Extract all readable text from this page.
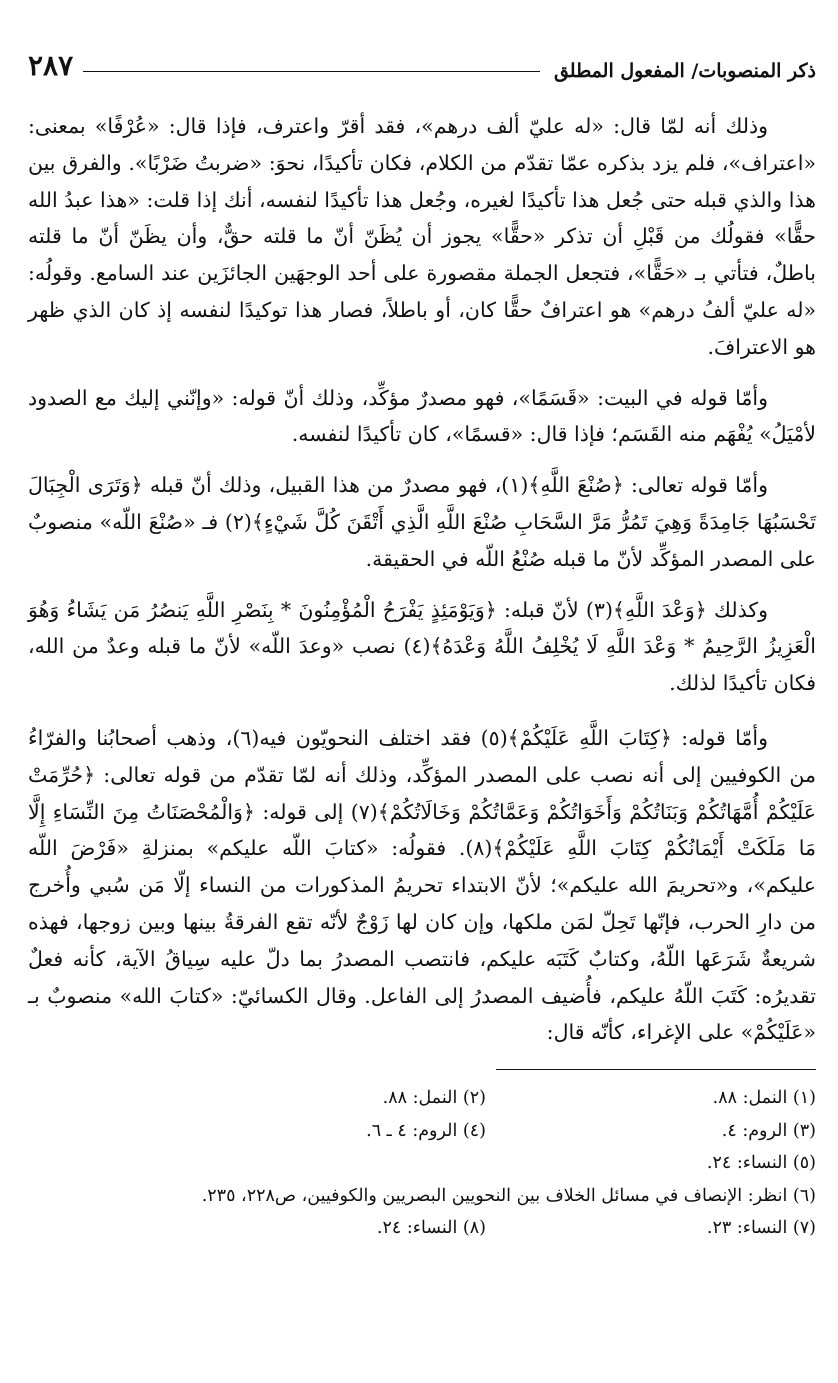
ذكر المنصوبات/ المفعول المطلق
٢٨٧

وذلك أنه لمّا قال: «له عليّ ألف درهم»، فقد أقرّ واعترف، فإذا قال: «عُرْفًا» بمعنى: «اعتراف»، فلم يزد بذكره عمّا تقدّم من الكلام، فكان تأكيدًا، نحوَ: «ضربتُ ضَرْبًا». والفرق بين هذا والذي قبله حتى جُعل هذا تأكيدًا لغيره، وجُعل هذا تأكيدًا لنفسه، أنك إذا قلت: «هذا عبدُ الله حقًّا» فقولُك من قَبْلِ أن تذكر «حقًّا» يجوز أن يُظَنّ أنّ ما قلته حقٌّ، وأن يظَنّ أنّ ما قلته باطلٌ، فتأتي بـ «حَقًّا»، فتجعل الجملة مقصورة على أحد الوجهَين الجائزَين عند السامع. وقولُه: «له عليّ ألفُ درهم» هو اعترافٌ حقًّا كان، أو باطلاً، فصار هذا توكيدًا لنفسه إذ كان الذي ظهر هو الاعترافَ.

وأمّا قوله في البيت: «قَسَمًا»، فهو مصدرٌ مؤكِّد، وذلك أنّ قوله: «وإنّني إليك مع الصدود لأمْيَلُ» يُفْهَم منه القَسَم؛ فإذا قال: «قسمًا»، كان تأكيدًا لنفسه.

وأمّا قوله تعالى: ﴿صُنْعَ اللَّهِ﴾(١)، فهو مصدرٌ من هذا القبيل، وذلك أنّ قبله ﴿وَتَرَى الْجِبَالَ تَحْسَبُهَا جَامِدَةً وَهِيَ تَمُرُّ مَرَّ السَّحَابِ صُنْعَ اللَّهِ الَّذِي أَتْقَنَ كُلَّ شَيْءٍ﴾(٢) فـ «صُنْعَ اللّه» منصوبٌ على المصدر المؤكِّد لأنّ ما قبله صُنْعُ اللّه في الحقيقة.

وكذلك ﴿وَعْدَ اللَّهِ﴾(٣) لأنّ قبله: ﴿وَيَوْمَئِذٍ يَفْرَحُ الْمُؤْمِنُونَ * بِنَصْرِ اللَّهِ يَنصُرُ مَن يَشَاءُ وَهُوَ الْعَزِيزُ الرَّحِيمُ * وَعْدَ اللَّهِ لَا يُخْلِفُ اللَّهُ وَعْدَهُ﴾(٤) نصب «وعدَ اللّه» لأنّ ما قبله وعدٌ من الله، فكان تأكيدًا لذلك.

وأمّا قوله: ﴿كِتَابَ اللَّهِ عَلَيْكُمْ﴾(٥) فقد اختلف النحويّون فيه(٦)، وذهب أصحابُنا والفرّاءُ من الكوفيين إلى أنه نصب على المصدر المؤكِّد، وذلك أنه لمّا تقدّم من قوله تعالى: ﴿حُرِّمَتْ عَلَيْكُمْ أُمَّهَاتُكُمْ وَبَنَاتُكُمْ وَأَخَوَاتُكُمْ وَعَمَّاتُكُمْ وَخَالَاتُكُمْ﴾(٧) إلى قوله: ﴿وَالْمُحْصَنَاتُ مِنَ النِّسَاءِ إِلَّا مَا مَلَكَتْ أَيْمَانُكُمْ كِتَابَ اللَّهِ عَلَيْكُمْ﴾(٨). فقولُه: «كتابَ اللّه عليكم» بمنزلةِ «فَرْضَ اللّه عليكم»، و«تحريمَ الله عليكم»؛ لأنّ الابتداء تحريمُ المذكورات من النساء إلّا مَن سُبي وأُخرج من دارِ الحرب، فإنّها تَحِلّ لمَن ملكها، وإن كان لها زَوْجٌ لأنّه تقع الفرقةُ بينها وبين زوجها، فهذه شريعةٌ شَرَعَها اللّهُ، وكتابٌ كَتَبَه عليكم، فانتصب المصدرُ بما دلّ عليه سِياقُ الآية، كأنه فعلٌ تقديرُه: كَتَبَ اللّهُ عليكم، فأُضيف المصدرُ إلى الفاعل. وقال الكسائيّ: «كتابَ الله» منصوبٌ بـ «عَلَيْكُمْ» على الإغراء، كأنّه قال:

(١) النمل: ٨٨.
(٢) النمل: ٨٨.
(٣) الروم: ٤.
(٤) الروم: ٤ ـ ٦.
(٥) النساء: ٢٤.
(٦) انظر: الإنصاف في مسائل الخلاف بين النحويين البصريين والكوفيين، ص٢٢٨، ٢٣٥.
(٧) النساء: ٢٣.
(٨) النساء: ٢٤.
